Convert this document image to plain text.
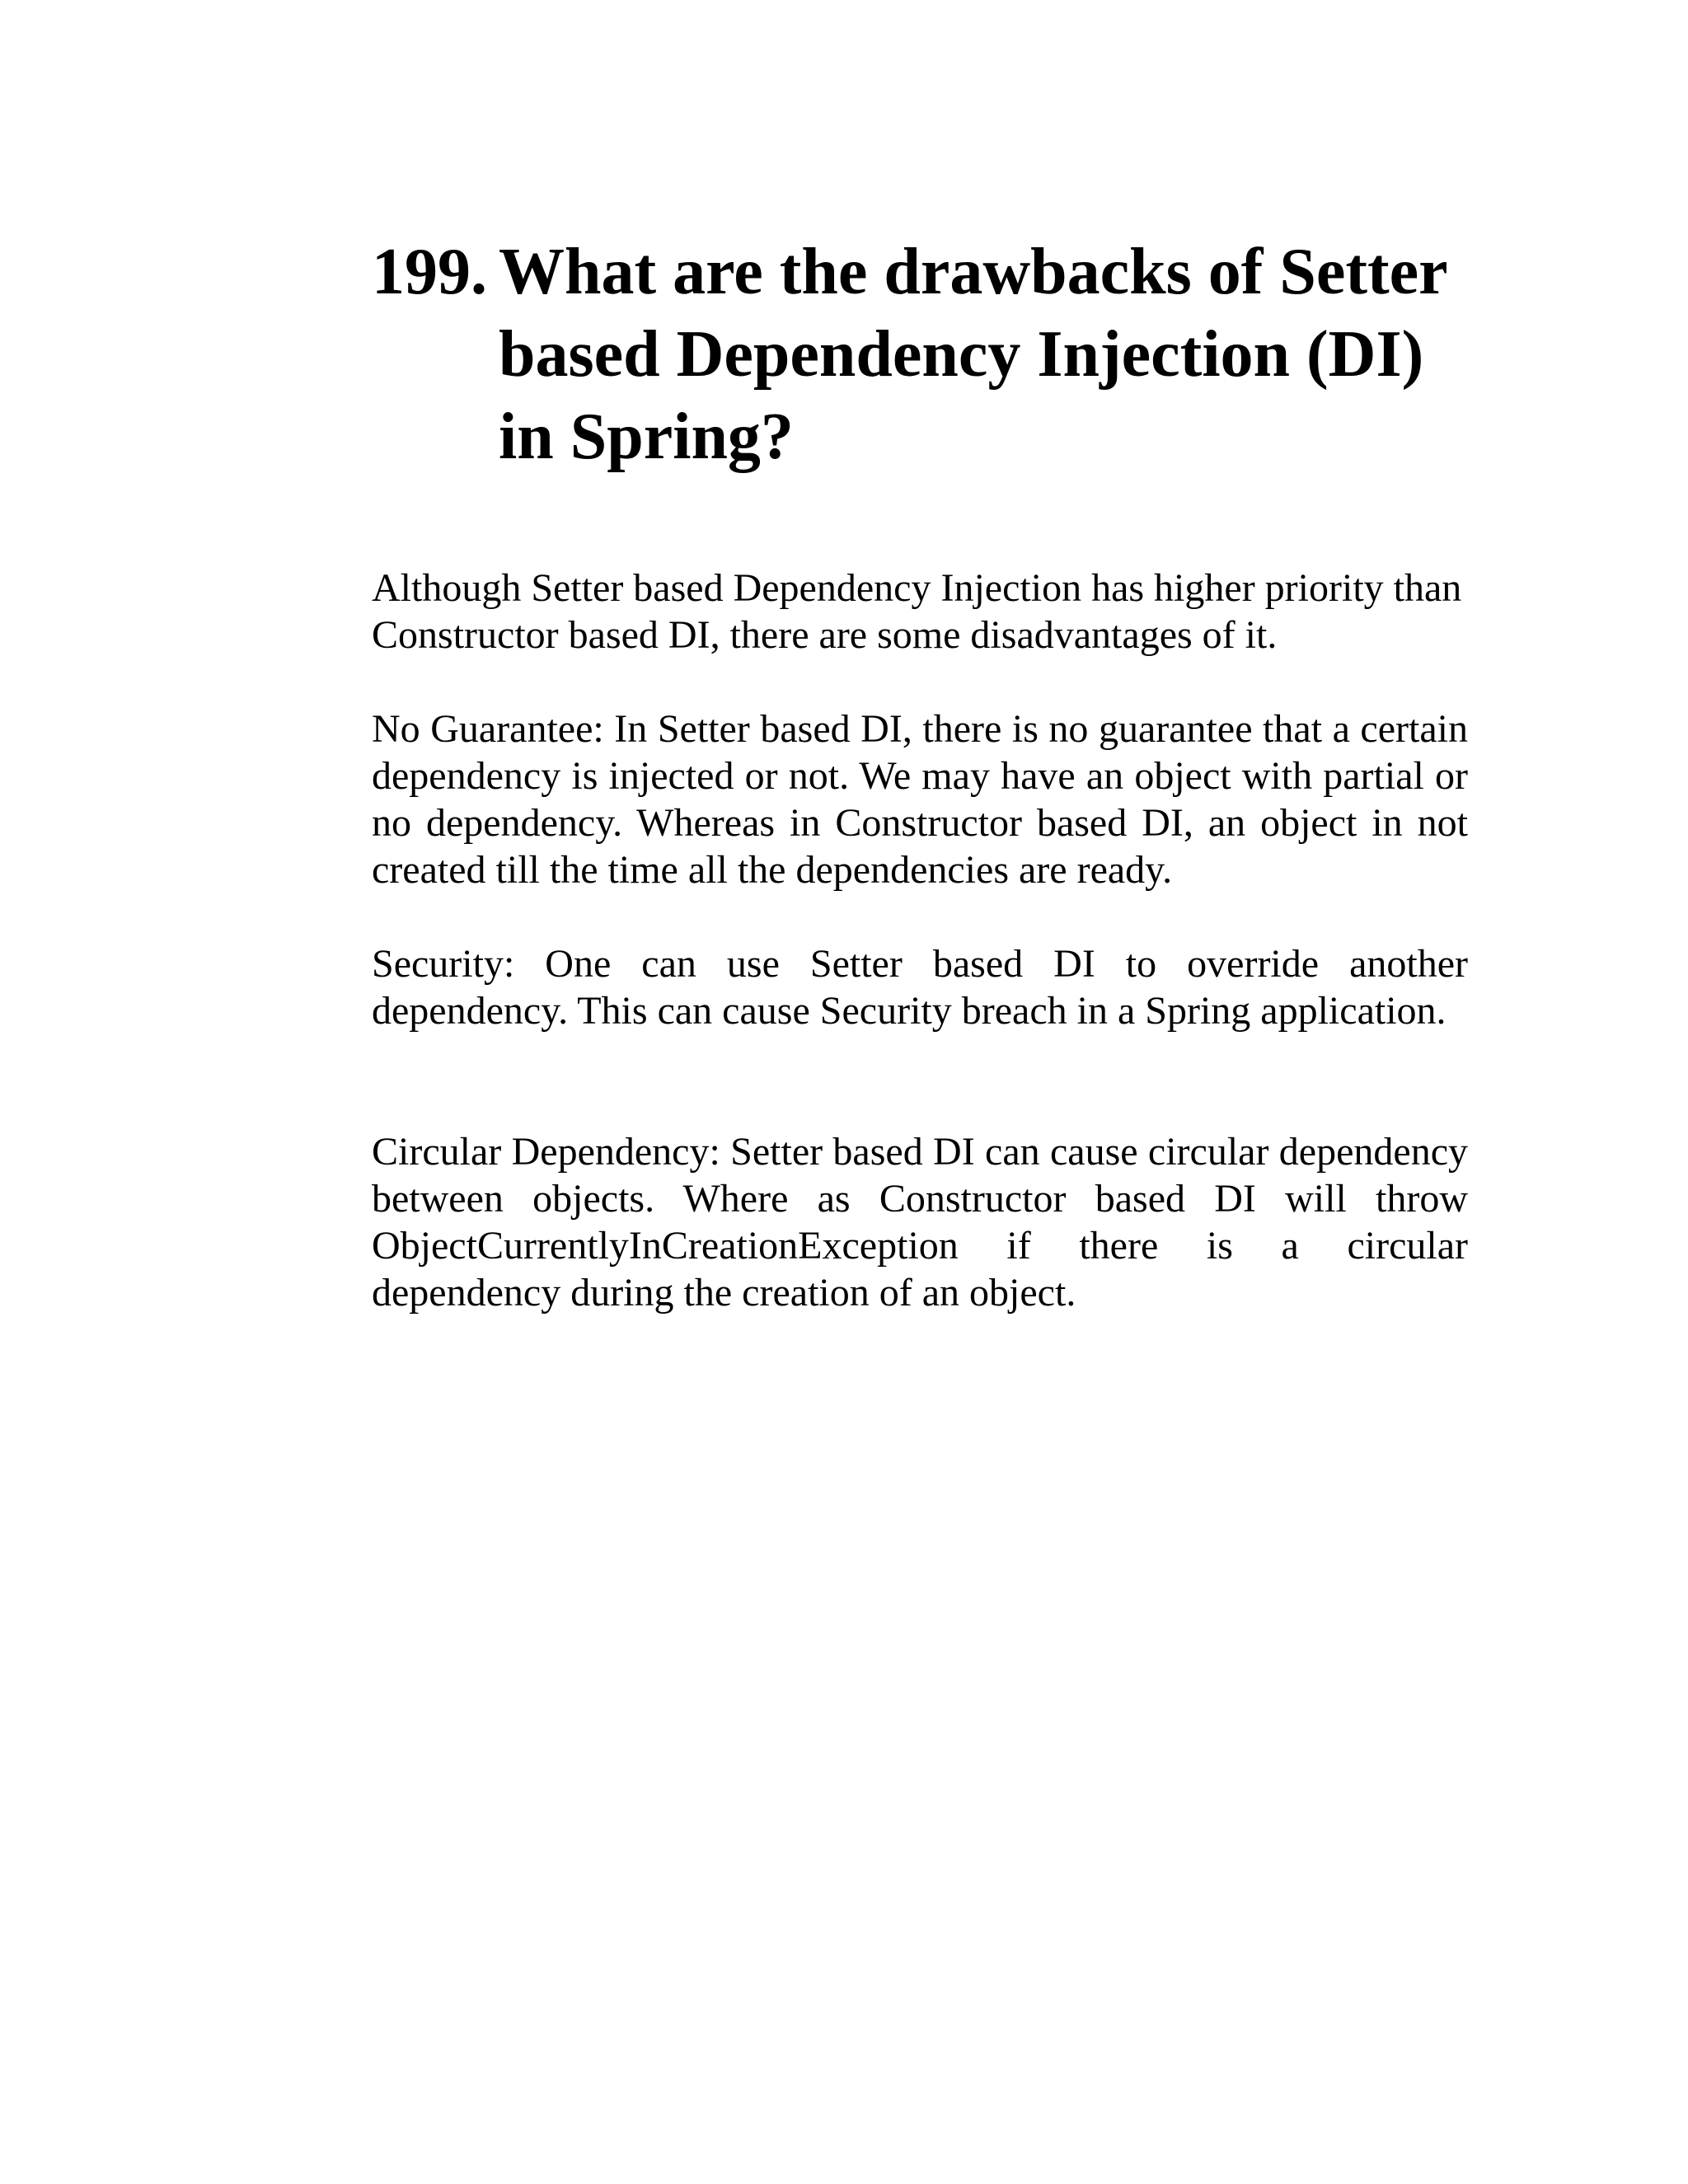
199. What are the drawbacks of Setter based Dependency Injection (DI) in Spring?

Although Setter based Dependency Injection has higher priority than Constructor based DI, there are some disadvantages of it.

No Guarantee: In Setter based DI, there is no guarantee that a certain dependency is injected or not. We may have an object with partial or no dependency. Whereas in Constructor based DI, an object in not created till the time all the dependencies are ready.

Security: One can use Setter based DI to override another dependency. This can cause Security breach in a Spring application.

Circular Dependency: Setter based DI can cause circular dependency between objects. Where as Constructor based DI will throw ObjectCurrentlyInCreationException if there is a circular dependency during the creation of an object.
